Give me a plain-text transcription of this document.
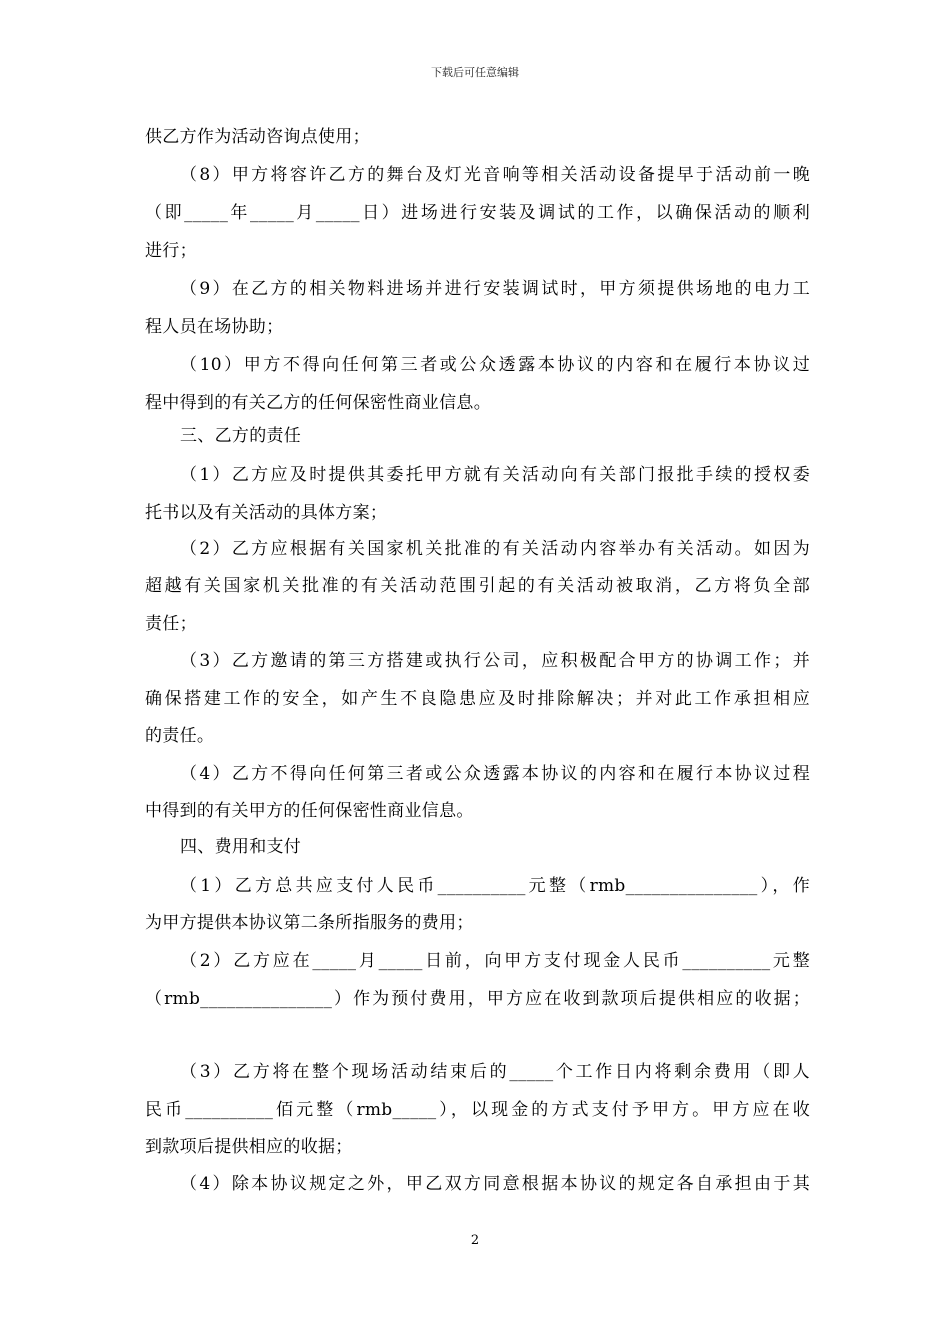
下载后可任意编辑
供乙方作为活动咨询点使用；
（8）甲方将容许乙方的舞台及灯光音响等相关活动设备提早于活动前一晚
（即_____年_____月_____日）进场进行安装及调试的工作，以确保活动的顺利
进行；
（9）在乙方的相关物料进场并进行安装调试时，甲方须提供场地的电力工
程人员在场协助；
（10）甲方不得向任何第三者或公众透露本协议的内容和在履行本协议过
程中得到的有关乙方的任何保密性商业信息。
三、乙方的责任
（1）乙方应及时提供其委托甲方就有关活动向有关部门报批手续的授权委
托书以及有关活动的具体方案；
（2）乙方应根据有关国家机关批准的有关活动内容举办有关活动。如因为
超越有关国家机关批准的有关活动范围引起的有关活动被取消，乙方将负全部
责任；
（3）乙方邀请的第三方搭建或执行公司，应积极配合甲方的协调工作；并
确保搭建工作的安全，如产生不良隐患应及时排除解决；并对此工作承担相应
的责任。
（4）乙方不得向任何第三者或公众透露本协议的内容和在履行本协议过程
中得到的有关甲方的任何保密性商业信息。
四、费用和支付
（1）乙方总共应支付人民币__________元整（rmb_______________），作
为甲方提供本协议第二条所指服务的费用；
（2）乙方应在_____月_____日前，向甲方支付现金人民币__________元整
（rmb_______________）作为预付费用，甲方应在收到款项后提供相应的收据；
（3）乙方将在整个现场活动结束后的_____个工作日内将剩余费用（即人
民币__________佰元整（rmb_____），以现金的方式支付予甲方。甲方应在收
到款项后提供相应的收据；
（4）除本协议规定之外，甲乙双方同意根据本协议的规定各自承担由于其
2
